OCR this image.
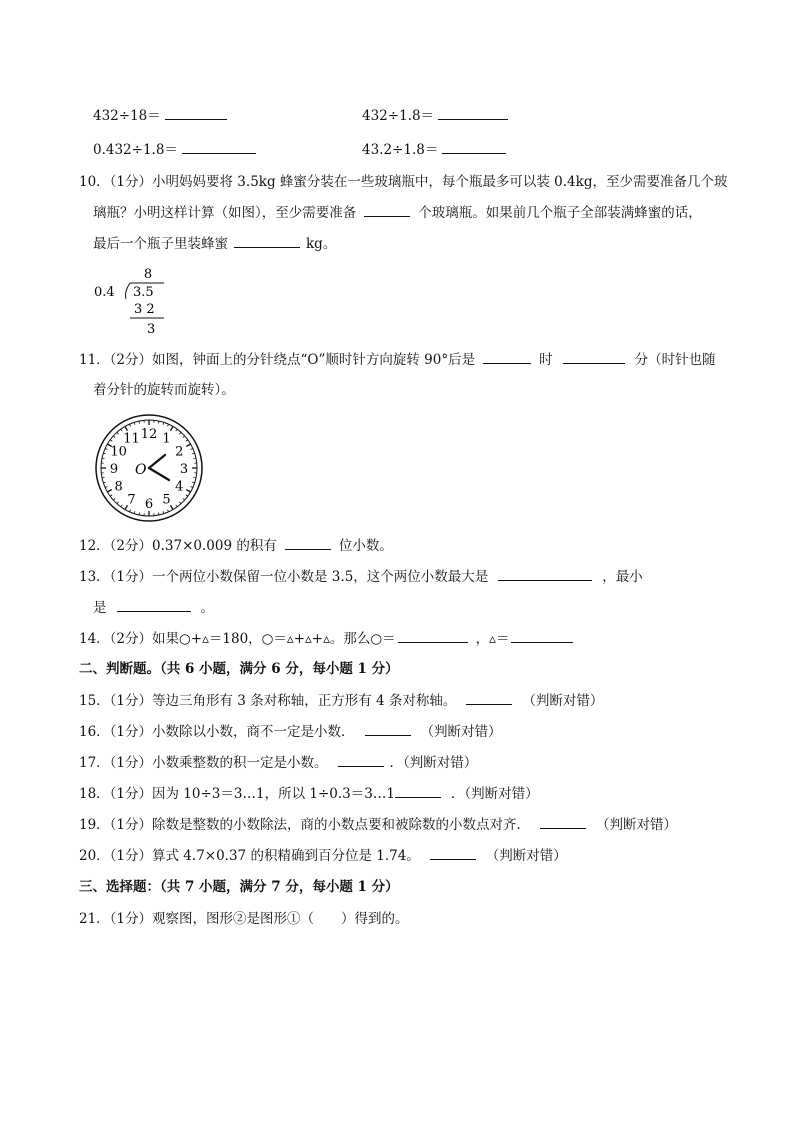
432÷18＝	432÷1.8＝
0.432÷1.8＝	43.2÷1.8＝
10．（1分）小明妈妈要将 3.5kg 蜂蜜分装在一些玻璃瓶中，每个瓶最多可以装 0.4kg，至少需要准备几个玻
璃瓶？小明这样计算（如图），至少需要准备	个玻璃瓶。如果前几个瓶子全部装满蜂蜜的话，
最后一个瓶子里装蜂蜜	kg。
8
0.4 3.5
3 2
3
11．（2分）如图，钟面上的分针绕点“O”顺时针方向旋转 90°后是	时	分（时针也随
着分针的旋转而旋转）。
12 1
2
3
4
5
6
7
8
9
10
11
O
12．（2分）0.37×0.009 的积有	位小数。
13．（1分）一个两位小数保留一位小数是 3.5，这个两位小数最大是	，最小
是	。
14．（2分）如果○+▵＝180，○＝▵+▵+▵。那么○＝	，▵＝
二、判断题。（共 6 小题，满分 6 分，每小题 1 分）
15．（1分）等边三角形有 3 条对称轴，正方形有 4 条对称轴。	（判断对错）
16．（1分）小数除以小数，商不一定是小数．	（判断对错）
17．（1分）小数乘整数的积一定是小数。	．（判断对错）
18．（1分）因为 10÷3＝3…1，所以 1÷0.3＝3…1	．（判断对错）
19．（1分）除数是整数的小数除法，商的小数点要和被除数的小数点对齐．	（判断对错）
20．（1分）算式 4.7×0.37 的积精确到百分位是 1.74。	（判断对错）
三、选择题：（共 7 小题，满分 7 分，每小题 1 分）
21．（1分）观察图，图形②是图形①（　　）得到的。
